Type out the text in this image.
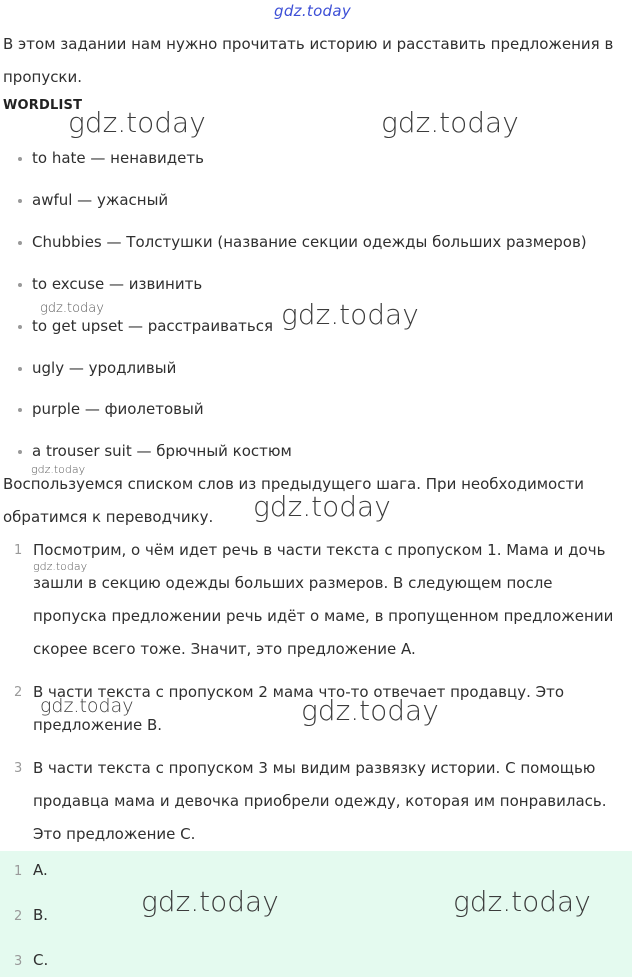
gdz.today
В этом задании нам нужно прочитать историю и расставить предложения в пропуски.
WORDLIST
to hate — ненавидеть
awful — ужасный
Chubbies — Толстушки (название секции одежды больших размеров)
to excuse — извинить
to get upset — расстраиваться
ugly — уродливый
purple — фиолетовый
a trouser suit — брючный костюм
Воспользуемся списком слов из предыдущего шага. При необходимости обратимся к переводчику.
1 Посмотрим, о чём идет речь в части текста с пропуском 1. Мама и дочь зашли в секцию одежды больших размеров. В следующем после пропуска предложении речь идёт о маме, в пропущенном предложении скорее всего тоже. Значит, это предложение A.
2 В части текста с пропуском 2 мама что-то отвечает продавцу. Это предложение B.
3 В части текста с пропуском 3 мы видим развязку истории. С помощью продавца мама и девочка приобрели одежду, которая им понравилась. Это предложение C.
1 A.
2 B.
3 C.
gdz.today	gdz.today
gdz.today
gdz.today
gdz.today
gdz.today	gdz.today
gdz.today
gdz.today
gdz.today
gdz.today
